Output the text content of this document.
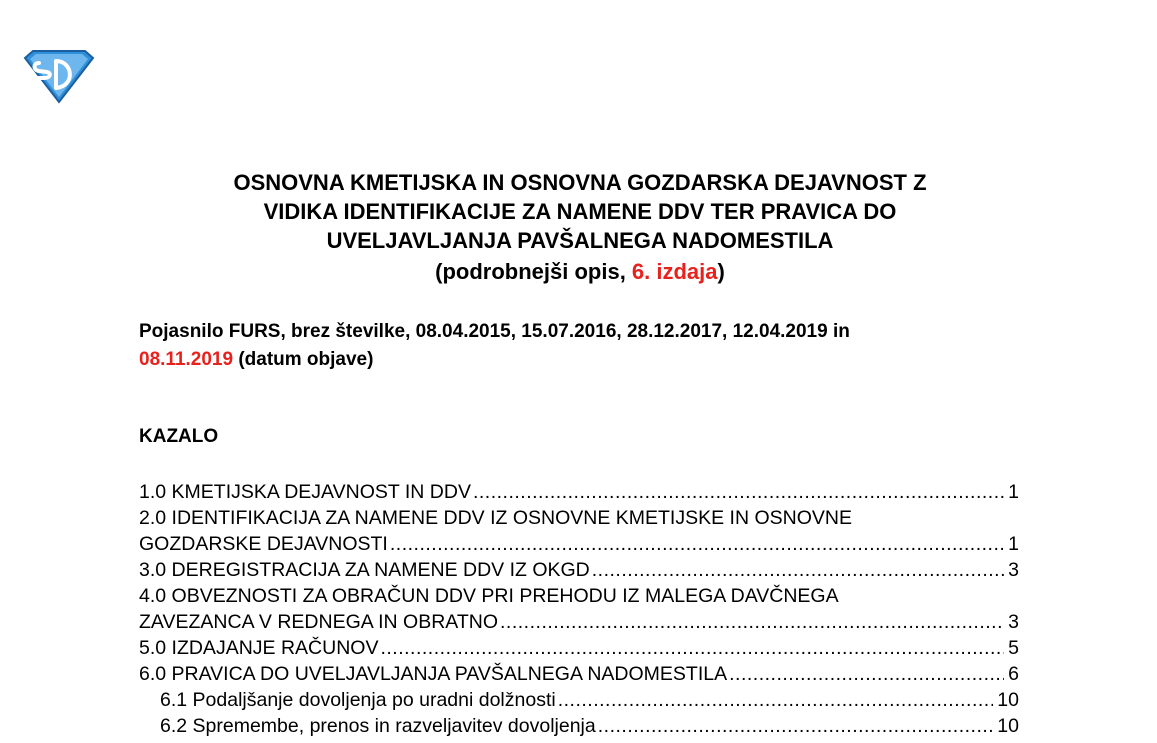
OSNOVNA KMETIJSKA IN OSNOVNA GOZDARSKA DEJAVNOST Z
VIDIKA IDENTIFIKACIJE ZA NAMENE DDV TER PRAVICA DO
UVELJAVLJANJA PAVŠALNEGA NADOMESTILA
(podrobnejši opis, 6. izdaja)
Pojasnilo FURS, brez številke, 08.04.2015, 15.07.2016, 28.12.2017, 12.04.2019 in
08.11.2019 (datum objave)
KAZALO
1.0 KMETIJSKA DEJAVNOST IN DDV .....	1
2.0 IDENTIFIKACIJA ZA NAMENE DDV IZ OSNOVNE KMETIJSKE IN OSNOVNE
GOZDARSKE DEJAVNOSTI .....	1
3.0 DEREGISTRACIJA ZA NAMENE DDV IZ OKGD .....	3
4.0 OBVEZNOSTI ZA OBRAČUN DDV PRI PREHODU IZ MALEGA DAVČNEGA
ZAVEZANCA V REDNEGA IN OBRATNO .....	3
5.0 IZDAJANJE RAČUNOV .....	5
6.0 PRAVICA DO UVELJAVLJANJA PAVŠALNEGA NADOMESTILA .....	6
6.1 Podaljšanje dovoljenja po uradni dolžnosti .....	10
6.2 Spremembe, prenos in razveljavitev dovoljenja .....	10
